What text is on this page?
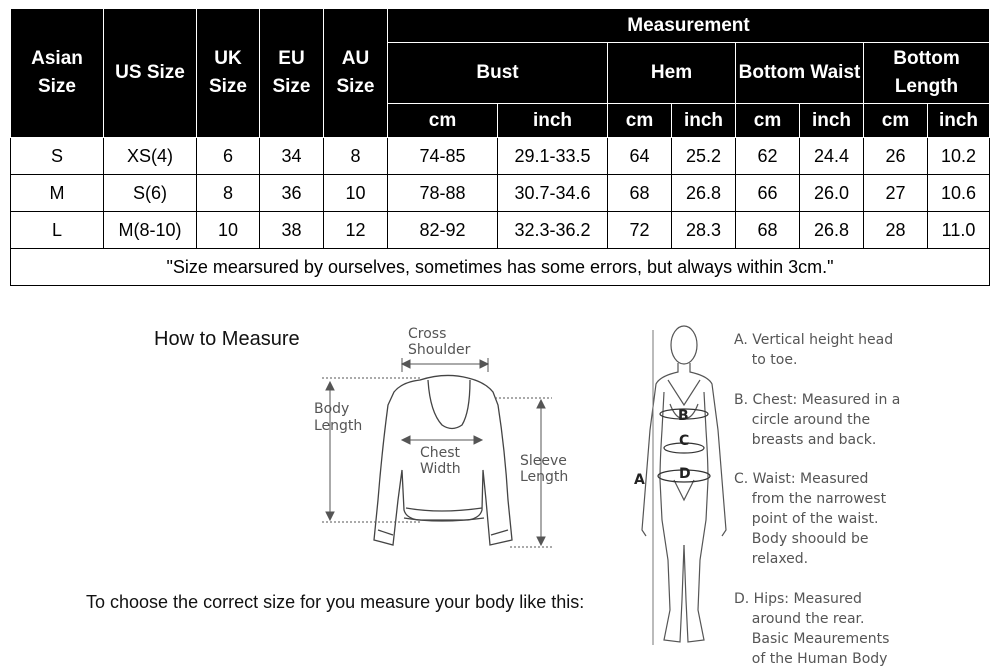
Asian Size	US Size	UK Size	EU Size	AU Size	Measurement							
					Bust		Hem		Bottom Waist		Bottom Length	
					cm	inch	cm	inch	cm	inch	cm	inch
S	XS(4)	6	34	8	74-85	29.1-33.5	64	25.2	62	24.4	26	10.2
M	S(6)	8	36	10	78-88	30.7-34.6	68	26.8	66	26.0	27	10.6
L	M(8-10)	10	38	12	82-92	32.3-36.2	72	28.3	68	26.8	28	11.0
"Size mearsured by ourselves, sometimes has some errors, but always within 3cm."												
How to Measure
To choose the correct size for you measure your body like this:
Cross
Shoulder
Body
Length
Chest
Width	Sleeve
Length
B
C
D
A
A. Vertical height head
to toe.
B. Chest: Measured in a
circle around the
breasts and back.
C. Waist: Measured
from the narrowest
point of the waist.
Body shoould be
relaxed.
D. Hips: Measured
around the rear.
Basic Meaurements
of the Human Body
